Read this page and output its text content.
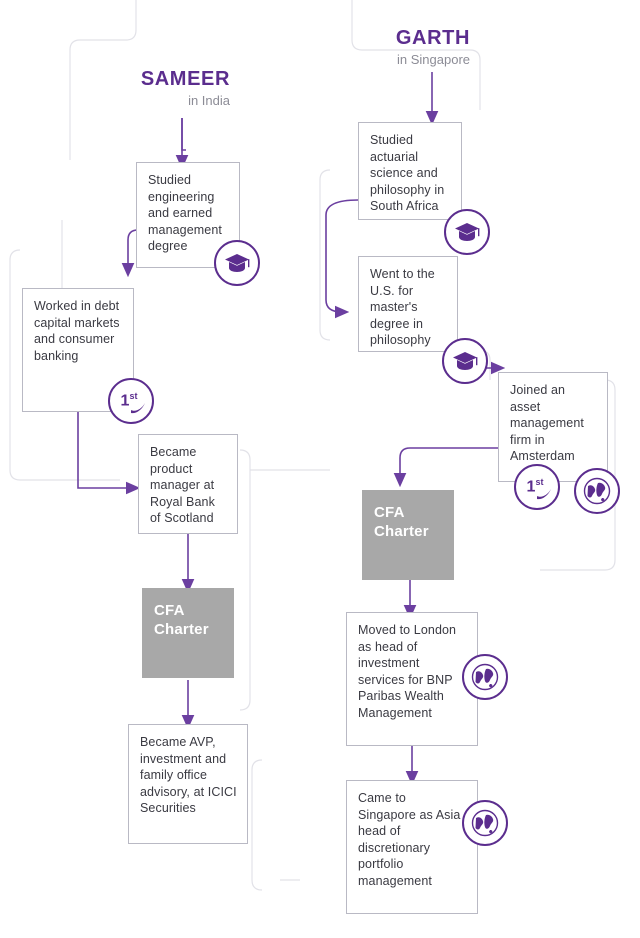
SAMEER
in India
GARTH
in Singapore
Studied engineering and earned management degree
Worked in debt capital markets and consumer banking
Became product manager at Royal Bank of Scotland
CFA Charter
Became AVP, investment and family office advisory, at ICICI Securities
Studied actuarial science and philosophy in South Africa
Went to the U.S. for master's degree in philosophy
Joined an asset management firm in Amsterdam
CFA Charter
Moved to London as head of investment services for BNP Paribas Wealth Management
Came to Singapore as Asia head of discretionary portfolio management
1st
1st
